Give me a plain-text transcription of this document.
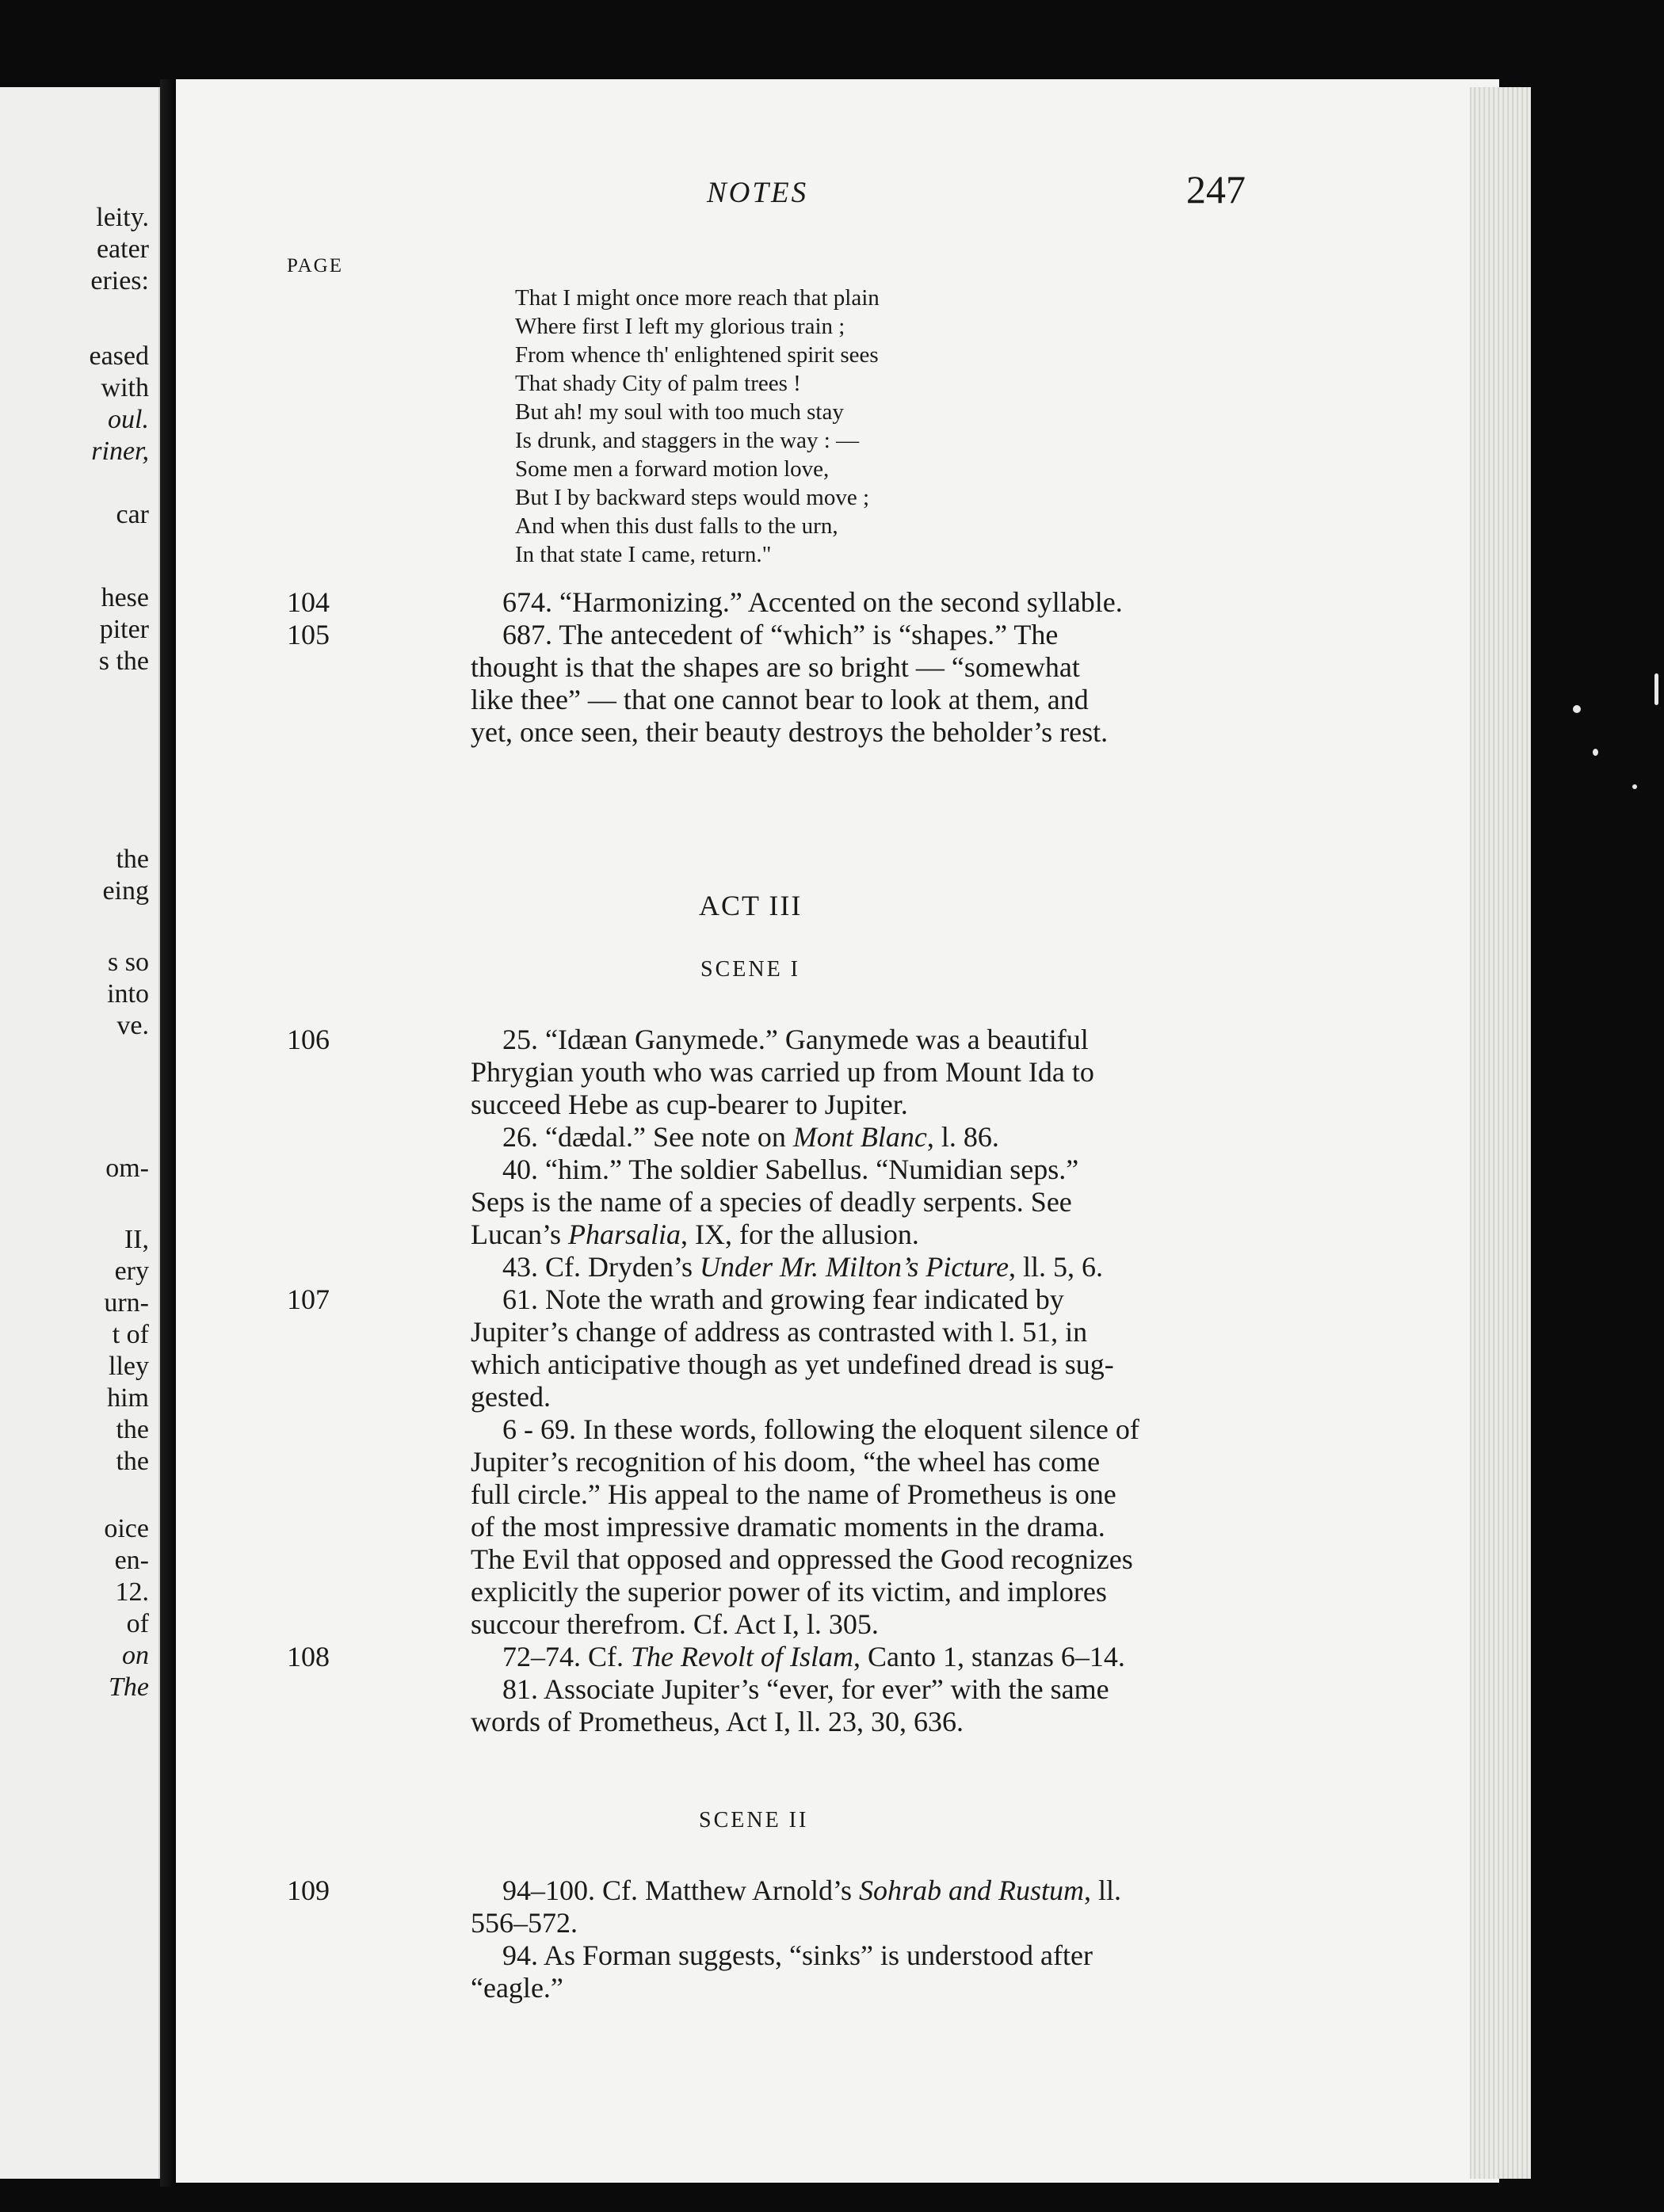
leity.
eater
eries:
eased
with
oul.
riner,
car
hese
piter
s the
the
eing
s so
into
ve.
om-
II,
ery
urn-
t of
lley
him
the
the
oice
en-
12.
of
on
The
NOTES	247
PAGE
That I might once more reach that plain
Where first I left my glorious train ;
From whence th' enlightened spirit sees
That shady City of palm trees !
But ah! my soul with too much stay
Is drunk, and staggers in the way : —
Some men a forward motion love,
But I by backward steps would move ;
And when this dust falls to the urn,
In that state I came, return."
104	674. “Harmonizing.” Accented on the second syllable.
105	687. The antecedent of “which” is “shapes.” The
thought is that the shapes are so bright — “somewhat
like thee” — that one cannot bear to look at them, and
yet, once seen, their beauty destroys the beholder’s rest.
ACT III
SCENE I
106	25. “Idæan Ganymede.” Ganymede was a beautiful
Phrygian youth who was carried up from Mount Ida to
succeed Hebe as cup-bearer to Jupiter.
26. “dædal.” See note on Mont Blanc, l. 86.
40. “him.” The soldier Sabellus. “Numidian seps.”
Seps is the name of a species of deadly serpents. See
Lucan’s Pharsalia, IX, for the allusion.
43. Cf. Dryden’s Under Mr. Milton’s Picture, ll. 5, 6.
107	61. Note the wrath and growing fear indicated by
Jupiter’s change of address as contrasted with l. 51, in
which anticipative though as yet undefined dread is sug-
gested.
6 - 69. In these words, following the eloquent silence of
Jupiter’s recognition of his doom, “the wheel has come
full circle.” His appeal to the name of Prometheus is one
of the most impressive dramatic moments in the drama.
The Evil that opposed and oppressed the Good recognizes
explicitly the superior power of its victim, and implores
succour therefrom. Cf. Act I, l. 305.
108	72–74. Cf. The Revolt of Islam, Canto 1, stanzas 6–14.
81. Associate Jupiter’s “ever, for ever” with the same
words of Prometheus, Act I, ll. 23, 30, 636.
SCENE II
109	94–100. Cf. Matthew Arnold’s Sohrab and Rustum, ll.
556–572.
94. As Forman suggests, “sinks” is understood after
“eagle.”
